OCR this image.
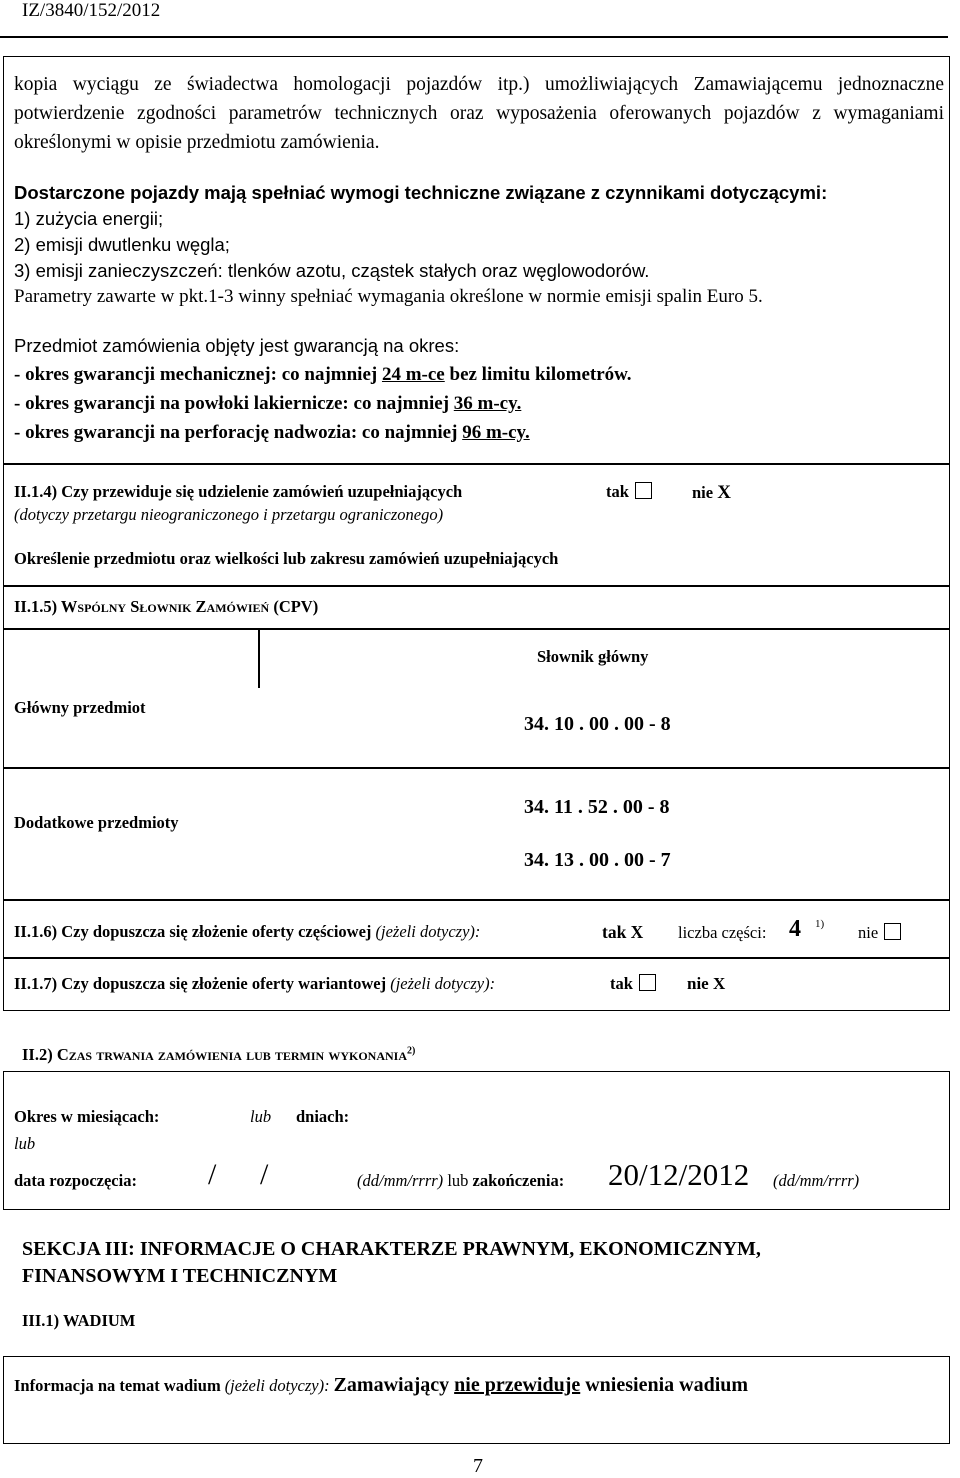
IZ/3840/152/2012
kopia wyciągu ze świadectwa homologacji pojazdów itp.) umożliwiających Zamawiającemu jednoznaczne potwierdzenie zgodności parametrów technicznych oraz wyposażenia oferowanych pojazdów z wymaganiami określonymi w opisie przedmiotu zamówienia.
Dostarczone pojazdy mają spełniać wymogi techniczne związane z czynnikami dotyczącymi:
1) zużycia energii;
2) emisji dwutlenku węgla;
3) emisji zanieczyszczeń: tlenków azotu, cząstek stałych oraz węglowodorów.
Parametry zawarte w pkt.1-3 winny spełniać wymagania określone w normie emisji spalin Euro 5.
Przedmiot zamówienia objęty jest gwarancją na okres:
- okres gwarancji mechanicznej: co najmniej 24 m-ce bez limitu kilometrów.
- okres gwarancji na powłoki lakiernicze: co najmniej 36 m-cy.
- okres gwarancji na perforację nadwozia: co najmniej 96 m-cy.
II.1.4) Czy przewiduje się udzielenie zamówień uzupełniających	tak	nie X
(dotyczy przetargu nieograniczonego i przetargu ograniczonego)
Określenie przedmiotu oraz wielkości lub zakresu zamówień uzupełniających
II.1.5) Wspólny Słownik Zamówień (CPV)
Słownik główny
Główny przedmiot
34. 10 . 00 . 00 - 8
Dodatkowe przedmioty
34. 11 . 52 . 00 - 8
34. 13 . 00 . 00 - 7
II.1.6) Czy dopuszcza się złożenie oferty częściowej (jeżeli dotyczy):	tak X liczba części: 4 1) nie
II.1.7) Czy dopuszcza się złożenie oferty wariantowej (jeżeli dotyczy):	tak	nie X
II.2) Czas trwania zamówienia lub termin wykonania$^{2)}$
Okres w miesiącach:	lub dniach:
lub
data rozpoczęcia: / /	(dd/mm/rrrr) lub zakończenia: 20/12/2012 (dd/mm/rrrr)
SEKCJA III: INFORMACJE O CHARAKTERZE PRAWNYM, EKONOMICZNYM,
FINANSOWYM I TECHNICZNYM
III.1) WADIUM
Informacja na temat wadium (jeżeli dotyczy): Zamawiający nie przewiduje wniesienia wadium
7
